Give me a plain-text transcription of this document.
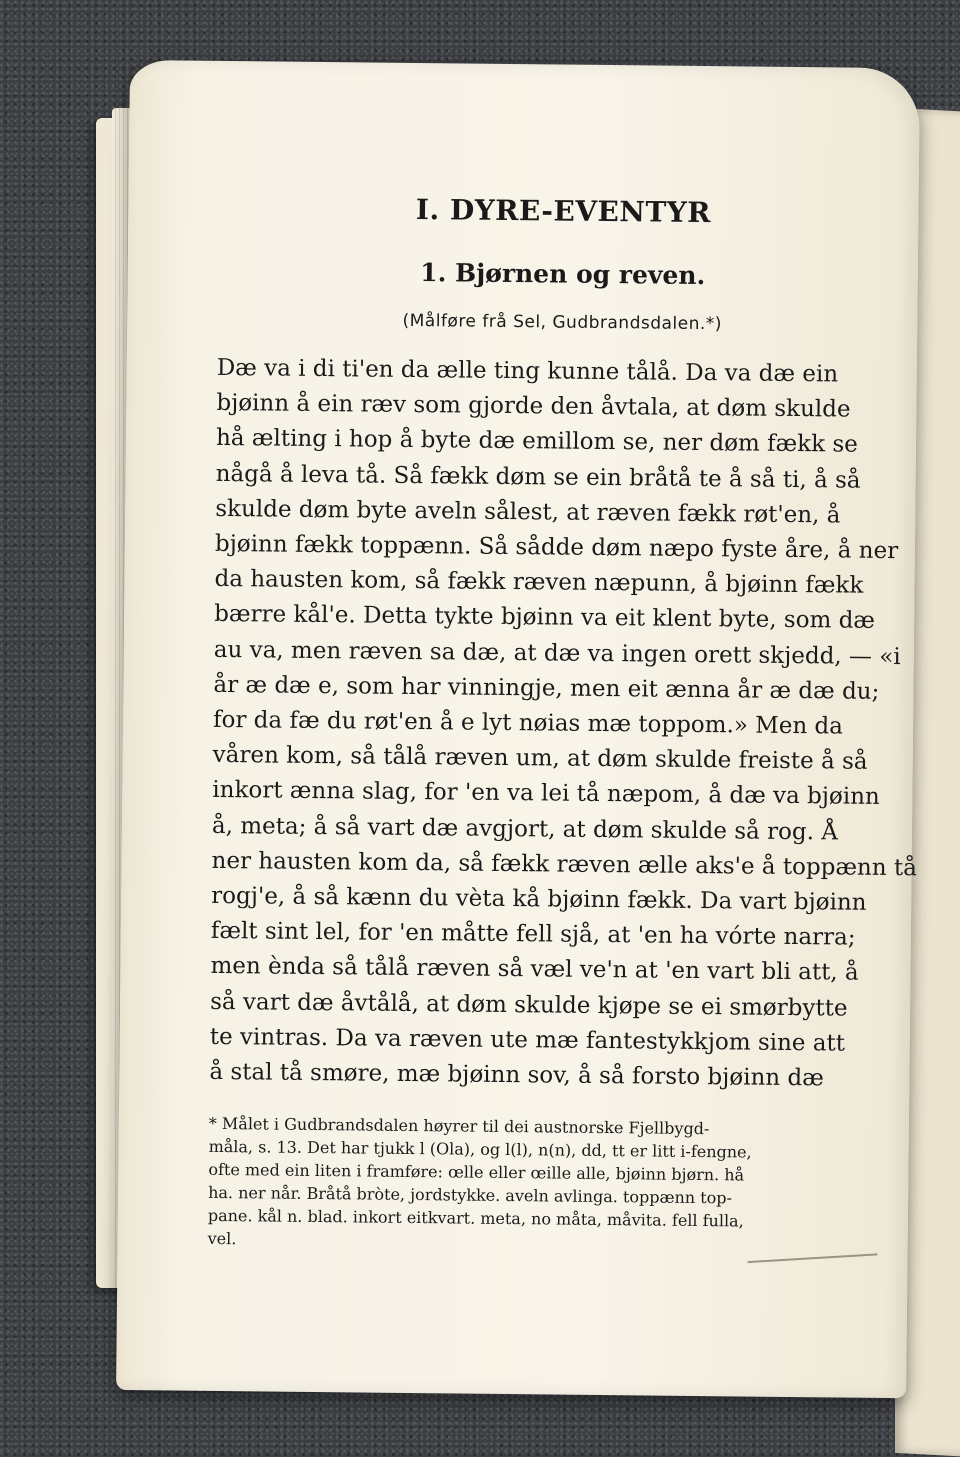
I. DYRE-EVENTYR
1. Bjørnen og reven.
(Målføre frå Sel, Gudbrandsdalen.*)
Dæ va i di ti'en da ælle ting kunne tålå. Da va dæ ein
bjøinn å ein ræv som gjorde den åvtala, at døm skulde
hå ælting i hop å byte dæ emillom se, ner døm fækk se
någå å leva tå. Så fækk døm se ein bråtå te å så ti, å så
skulde døm byte aveln sålest, at ræven fækk røt'en, å
bjøinn fækk toppænn. Så sådde døm næpo fyste åre, å ner
da hausten kom, så fækk ræven næpunn, å bjøinn fækk
bærre kål'e. Detta tykte bjøinn va eit klent byte, som dæ
au va, men ræven sa dæ, at dæ va ingen orett skjedd, — «i
år æ dæ e, som har vinningje, men eit ænna år æ dæ du;
for da fæ du røt'en å e lyt nøias mæ toppom.» Men da
våren kom, så tålå ræven um, at døm skulde freiste å så
inkort ænna slag, for 'en va lei tå næpom, å dæ va bjøinn
å, meta; å så vart dæ avgjort, at døm skulde så rog. Å
ner hausten kom da, så fækk ræven ælle aks'e å toppænn tå
rogj'e, å så kænn du vèta kå bjøinn fækk. Da vart bjøinn
fælt sint lel, for 'en måtte fell sjå, at 'en ha vórte narra;
men ènda så tålå ræven så væl ve'n at 'en vart bli att, å
så vart dæ åvtålå, at døm skulde kjøpe se ei smørbytte
te vintras. Da va ræven ute mæ fantestykkjom sine att
å stal tå smøre, mæ bjøinn sov, å så forsto bjøinn dæ
* Målet i Gudbrandsdalen høyrer til dei austnorske Fjellbygd-
måla, s. 13. Det har tjukk l (Ola), og l(l), n(n), dd, tt er litt i-fengne,
ofte med ein liten i framføre: œlle eller œille alle, bjøinn bjørn. hå
ha. ner når. Bråtå bròte, jordstykke. aveln avlinga. toppænn top-
pane. kål n. blad. inkort eitkvart. meta, no måta, måvita. fell fulla,
vel.
